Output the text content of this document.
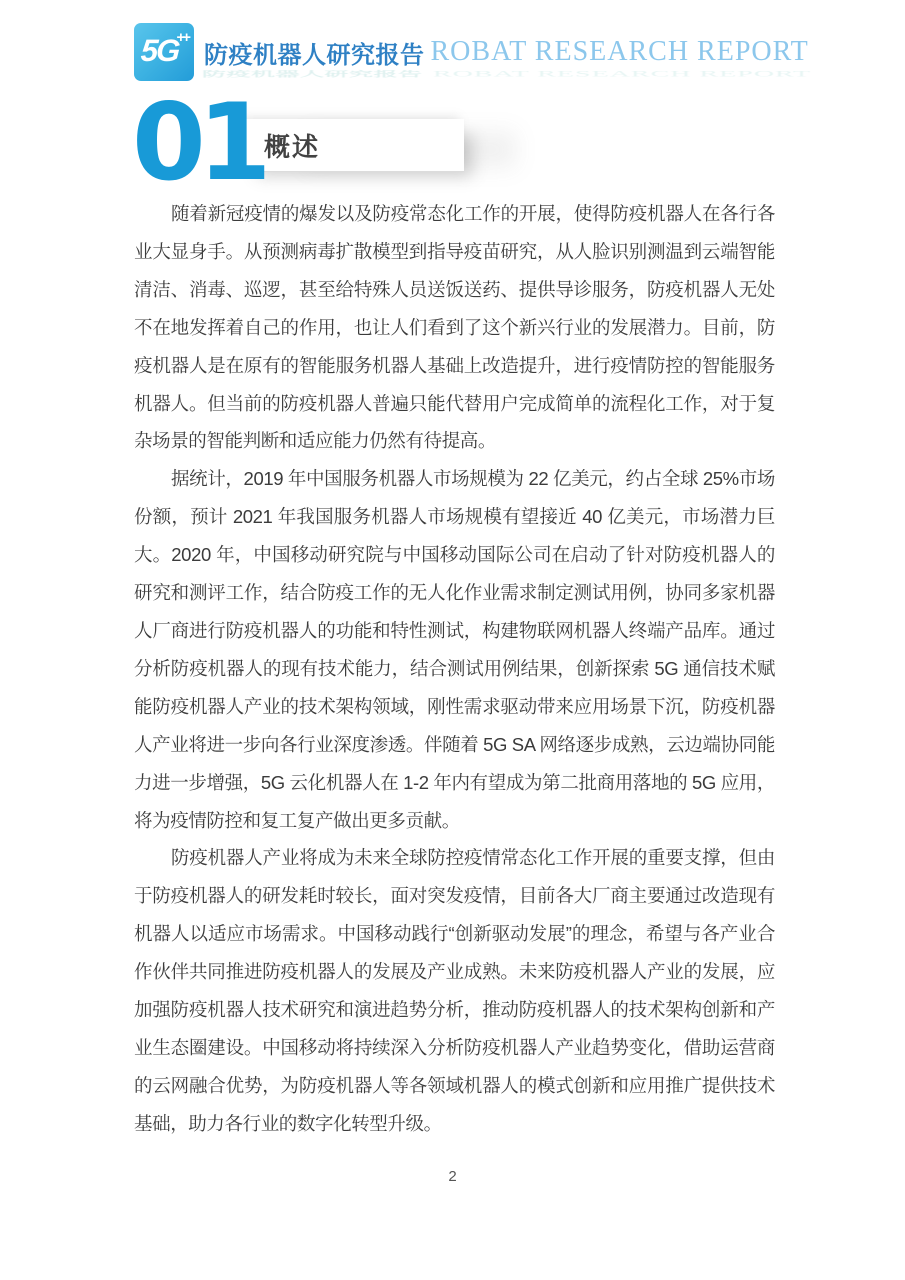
5G
++
防疫机器人研究报告 ROBAT RESEARCH REPORT
防疫机器人研究报告 ROBAT RESEARCH REPORT
01 概述

随着新冠疫情的爆发以及防疫常态化工作的开展，使得防疫机器人在各行各业大显身手。从预测病毒扩散模型到指导疫苗研究，从人脸识别测温到云端智能清洁、消毒、巡逻，甚至给特殊人员送饭送药、提供导诊服务，防疫机器人无处不在地发挥着自己的作用，也让人们看到了这个新兴行业的发展潜力。目前，防疫机器人是在原有的智能服务机器人基础上改造提升，进行疫情防控的智能服务机器人。但当前的防疫机器人普遍只能代替用户完成简单的流程化工作，对于复杂场景的智能判断和适应能力仍然有待提高。

据统计，2019 年中国服务机器人市场规模为 22 亿美元，约占全球 25%市场份额，预计 2021 年我国服务机器人市场规模有望接近 40 亿美元，市场潜力巨大。2020 年，中国移动研究院与中国移动国际公司在启动了针对防疫机器人的研究和测评工作，结合防疫工作的无人化作业需求制定测试用例，协同多家机器人厂商进行防疫机器人的功能和特性测试，构建物联网机器人终端产品库。通过分析防疫机器人的现有技术能力，结合测试用例结果，创新探索 5G 通信技术赋能防疫机器人产业的技术架构领域，刚性需求驱动带来应用场景下沉，防疫机器人产业将进一步向各行业深度渗透。伴随着 5G SA 网络逐步成熟，云边端协同能力进一步增强，5G 云化机器人在 1-2 年内有望成为第二批商用落地的 5G 应用，将为疫情防控和复工复产做出更多贡献。

防疫机器人产业将成为未来全球防控疫情常态化工作开展的重要支撑，但由于防疫机器人的研发耗时较长，面对突发疫情，目前各大厂商主要通过改造现有机器人以适应市场需求。中国移动践行“创新驱动发展”的理念，希望与各产业合作伙伴共同推进防疫机器人的发展及产业成熟。未来防疫机器人产业的发展，应加强防疫机器人技术研究和演进趋势分析，推动防疫机器人的技术架构创新和产业生态圈建设。中国移动将持续深入分析防疫机器人产业趋势变化，借助运营商的云网融合优势，为防疫机器人等各领域机器人的模式创新和应用推广提供技术基础，助力各行业的数字化转型升级。

2
